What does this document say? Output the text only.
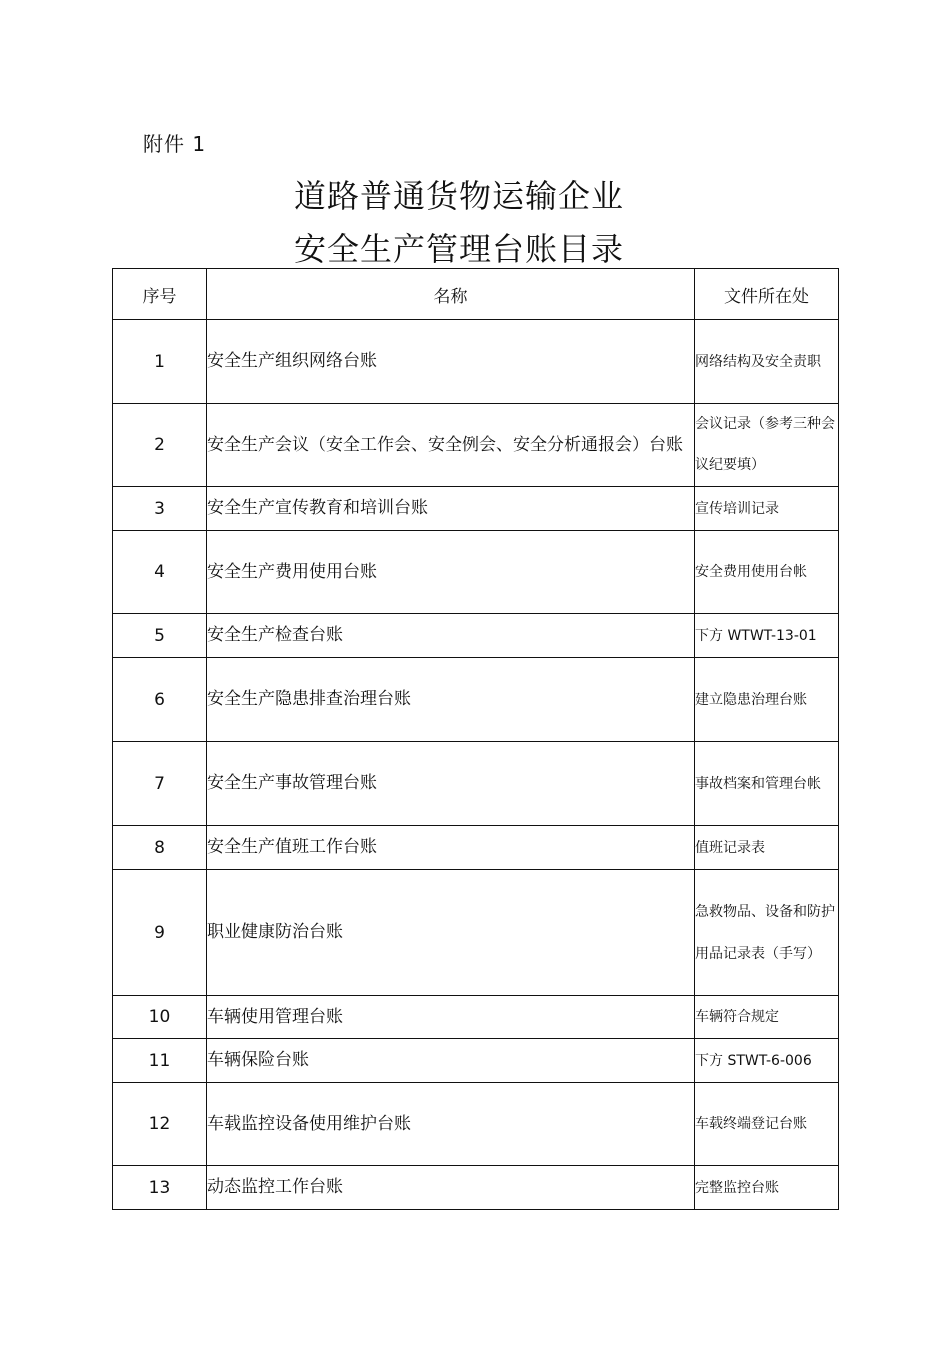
附件 1
道路普通货物运输企业
安全生产管理台账目录
序号	名称	文件所在处
1	安全生产组织网络台账	网络结构及安全责职
2	安全生产会议（安全工作会、安全例会、安全分析通报会）台账	会议记录（参考三种会议纪要填）
3	安全生产宣传教育和培训台账	宣传培训记录
4	安全生产费用使用台账	安全费用使用台帐
5	安全生产检查台账	下方 WTWT-13-01
6	安全生产隐患排查治理台账	建立隐患治理台账
7	安全生产事故管理台账	事故档案和管理台帐
8	安全生产值班工作台账	值班记录表
9	职业健康防治台账	急救物品、设备和防护用品记录表（手写）
10	车辆使用管理台账	车辆符合规定
11	车辆保险台账	下方 STWT-6-006
12	车载监控设备使用维护台账	车载终端登记台账
13	动态监控工作台账	完整监控台账
